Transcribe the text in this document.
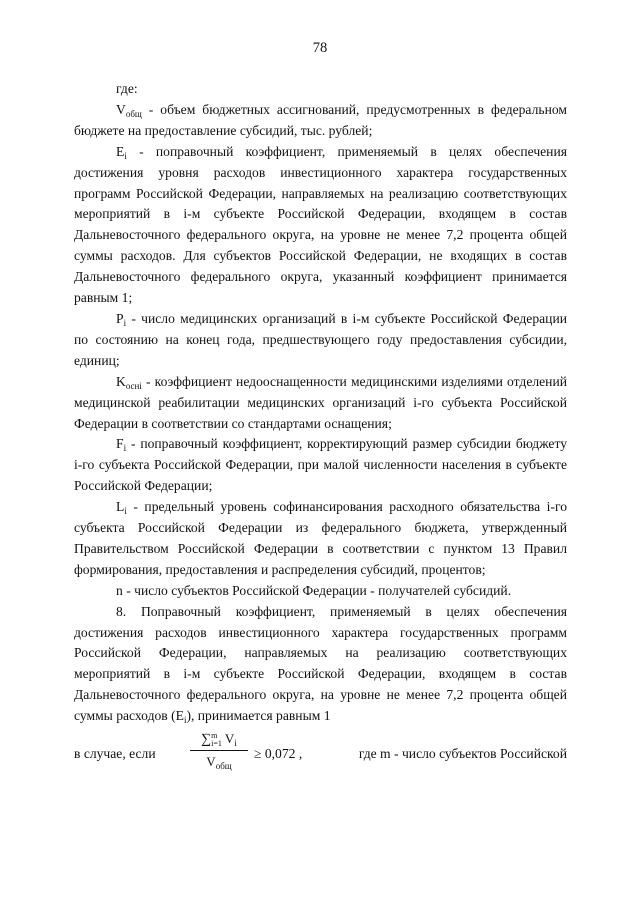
78

где:

$V_{общ}$ - объем бюджетных ассигнований, предусмотренных в федеральном бюджете на предоставление субсидий, тыс. рублей;

$E_i$ - поправочный коэффициент, применяемый в целях обеспечения достижения уровня расходов инвестиционного характера государственных программ Российской Федерации, направляемых на реализацию соответствующих мероприятий в i-м субъекте Российской Федерации, входящем в состав Дальневосточного федерального округа, на уровне не менее 7,2 процента общей суммы расходов. Для субъектов Российской Федерации, не входящих в состав Дальневосточного федерального округа, указанный коэффициент принимается равным 1;

$P_i$ - число медицинских организаций в i-м субъекте Российской Федерации по состоянию на конец года, предшествующего году предоставления субсидии, единиц;

$K_{оснi}$ - коэффициент недооснащенности медицинскими изделиями отделений медицинской реабилитации медицинских организаций i-го субъекта Российской Федерации в соответствии со стандартами оснащения;

$F_i$ - поправочный коэффициент, корректирующий размер субсидии бюджету i-го субъекта Российской Федерации, при малой численности населения в субъекте Российской Федерации;

$L_i$ - предельный уровень софинансирования расходного обязательства i-го субъекта Российской Федерации из федерального бюджета, утвержденный Правительством Российской Федерации в соответствии с пунктом 13 Правил формирования, предоставления и распределения субсидий, процентов;

n - число субъектов Российской Федерации - получателей субсидий.

8. Поправочный коэффициент, применяемый в целях обеспечения достижения расходов инвестиционного характера государственных программ Российской Федерации, направляемых на реализацию соответствующих мероприятий в i-м субъекте Российской Федерации, входящем в состав Дальневосточного федерального округа, на уровне не менее 7,2 процента общей суммы расходов $(E_i)$, принимается равным 1

в случае, если
∑m
i=1 $V_i$
$V_{общ}$
≥ 0,072 ,	где m - число субъектов Российской
